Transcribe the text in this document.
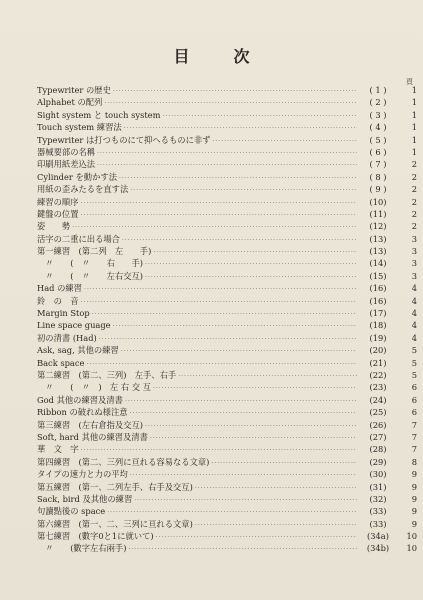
目	次
頁
Typewriter の歴史 ·····	( 1 )	1
Alphabet の配列 ·····	( 2 )	1
Sight system と touch system ·····	( 3 )	1
Touch system 練習法 ·····	( 4 )	1
Typewriter は打つものにて抑へるものに非ず ·····	( 5 )	1
器械要部の名稱 ·····	( 6 )	1
印刷用紙差込法 ·····	( 7 )	2
Cylinder を動かす法 ·····	( 8 )	2
用紙の歪みたるを直す法 ·····	( 9 )	2
練習の順序 ·····	(10)	2
鍵盤の位置 ·····	(11)	2
姿　　勢 ·····	(12)	2
活字の二重に出る場合 ·····	(13)	3
第一練習　(第二列　左　　手) ·····	(13)	3
　〃　　(　〃　　右　　手) ·····	(14)	3
　〃　　(　〃　　左右交互) ·····	(15)	3
Had の練習 ·····	(16)	4
鈴　の　音 ·····	(16)	4
Margin Stop ·····	(17)	4
Line space guage ·····	(18)	4
初の清書 (Had) ·····	(19)	4
Ask, sag, 其他の練習 ·····	(20)	5
Back space ·····	(21)	5
第二練習　(第二、三列)　左手、右手 ·····	(22)	5
　〃　　(　〃　)　左 右 交 互 ·····	(23)	6
God 其他の練習及清書 ·····	(24)	6
Ribbon の破れぬ様注意 ·····	(25)	6
第三練習　(左右倉指及交互) ·····	(26)	7
Soft, hard 其他の練習及清書 ·····	(27)	7
華　文　字 ·····	(28)	7
第四練習　(第二、三列に亘れる容易なる文章) ·····	(29)	8
タイプの速力と力の平均 ·····	(30)	9
第五練習　(第一、二列左手、右手及交互) ·····	(31)	9
Sack, bird 及其他の練習 ·····	(32)	9
句讀點後の space ·····	(33)	9
第六練習　(第一、二、三列に亘れる文章) ·····	(33)	9
第七練習　(數字0と1に就いて) ·····	(34a)	10
　〃　　(數字左右兩手) ·····	(34b)	10
